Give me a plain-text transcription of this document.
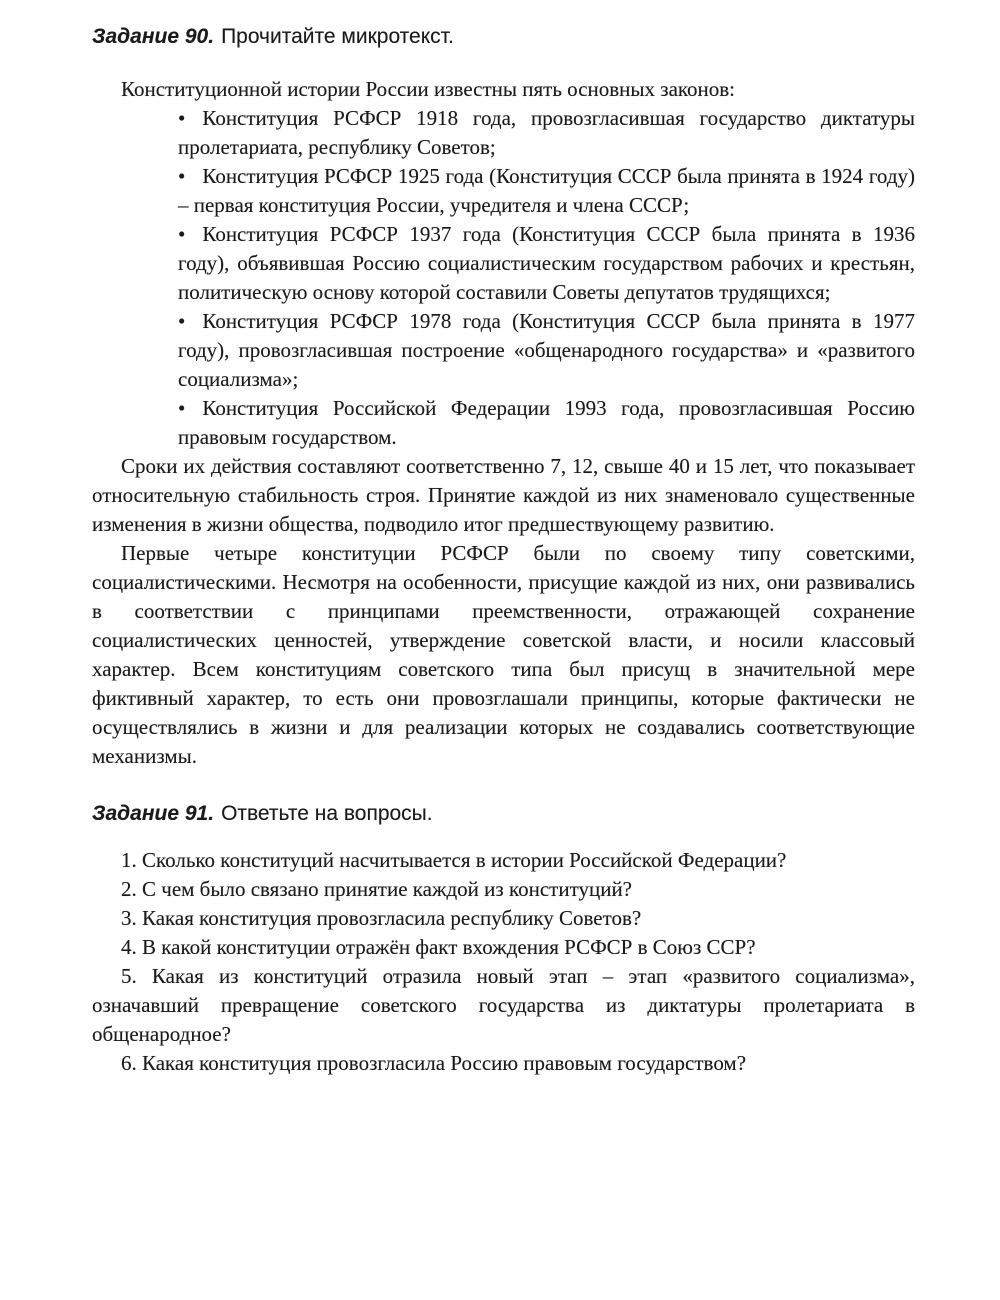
Задание 90. Прочитайте микротекст.

Конституционной истории России известны пять основных законов:

• Конституция РСФСР 1918 года, провозгласившая государство диктатуры пролетариата, республику Советов;

• Конституция РСФСР 1925 года (Конституция СССР была принята в 1924 году) – первая конституция России, учредителя и члена СССР;

• Конституция РСФСР 1937 года (Конституция СССР была принята в 1936 году), объявившая Россию социалистическим государством рабочих и крестьян, политическую основу которой составили Советы депутатов трудящихся;

• Конституция РСФСР 1978 года (Конституция СССР была принята в 1977 году), провозгласившая построение «общенародного государства» и «развитого социализма»;

• Конституция Российской Федерации 1993 года, провозгласившая Россию правовым государством.

Сроки их действия составляют соответственно 7, 12, свыше 40 и 15 лет, что показывает относительную стабильность строя. Принятие каждой из них знаменовало существенные изменения в жизни общества, подводило итог предшествующему развитию.

Первые четыре конституции РСФСР были по своему типу советскими, социалистическими. Несмотря на особенности, присущие каждой из них, они развивались в соответствии с принципами преемственности, отражающей сохранение социалистических ценностей, утверждение советской власти, и носили классовый характер. Всем конституциям советского типа был присущ в значительной мере фиктивный характер, то есть они провозглашали принципы, которые фактически не осуществлялись в жизни и для реализации которых не создавались соответствующие механизмы.

Задание 91. Ответьте на вопросы.

1. Сколько конституций насчитывается в истории Российской Федерации?

2. С чем было связано принятие каждой из конституций?

3. Какая конституция провозгласила республику Советов?

4. В какой конституции отражён факт вхождения РСФСР в Союз ССР?

5. Какая из конституций отразила новый этап – этап «развитого социализма», означавший превращение советского государства из диктатуры пролетариата в общенародное?

6. Какая конституция провозгласила Россию правовым государством?
